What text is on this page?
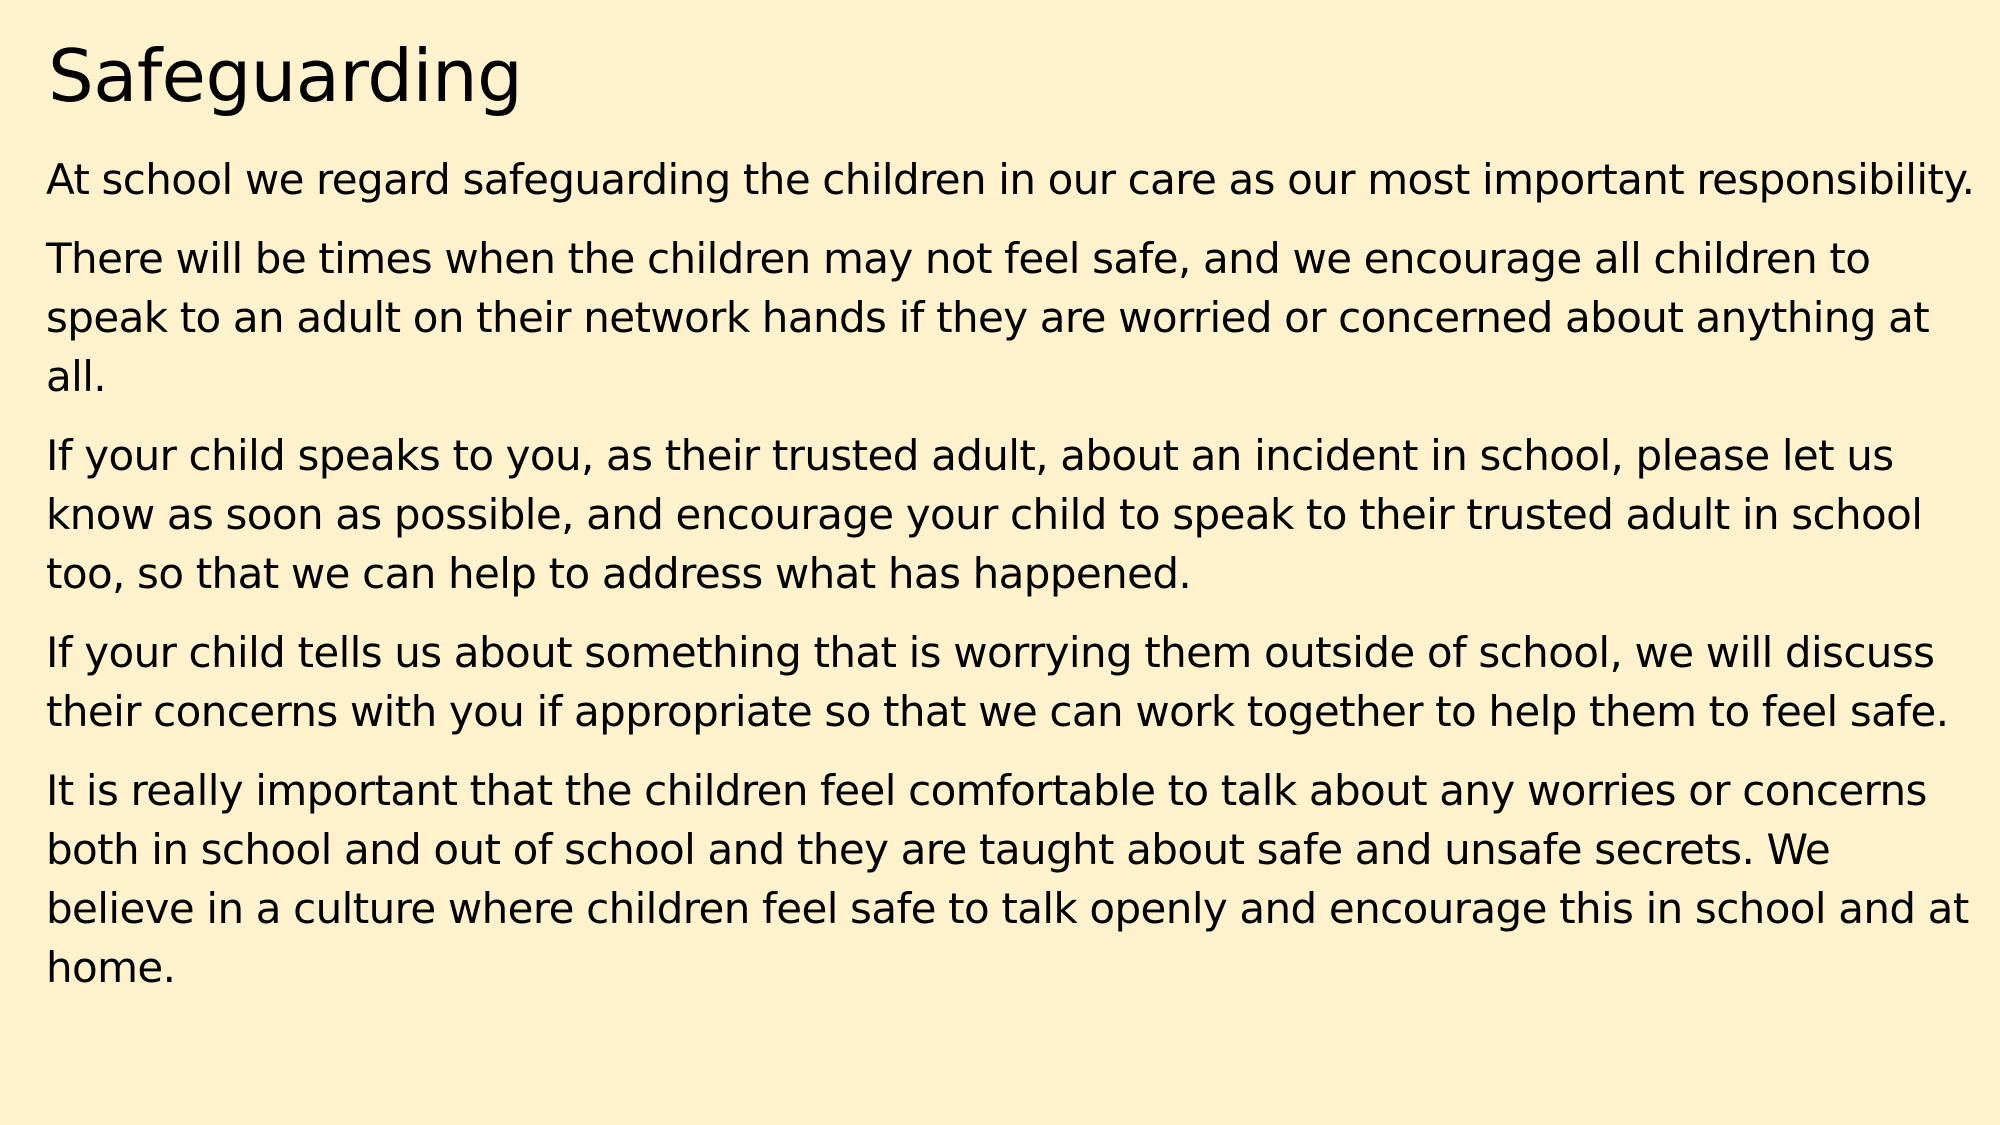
Safeguarding

At school we regard safeguarding the children in our care as our most important responsibility.

There will be times when the children may not feel safe, and we encourage all children to speak to an adult on their network hands if they are worried or concerned about anything at all.

If your child speaks to you, as their trusted adult, about an incident in school, please let us know as soon as possible, and encourage your child to speak to their trusted adult in school too, so that we can help to address what has happened.

If your child tells us about something that is worrying them outside of school, we will discuss their concerns with you if appropriate so that we can work together to help them to feel safe.

It is really important that the children feel comfortable to talk about any worries or concerns both in school and out of school and they are taught about safe and unsafe secrets. We believe in a culture where children feel safe to talk openly and encourage this in school and at home.
